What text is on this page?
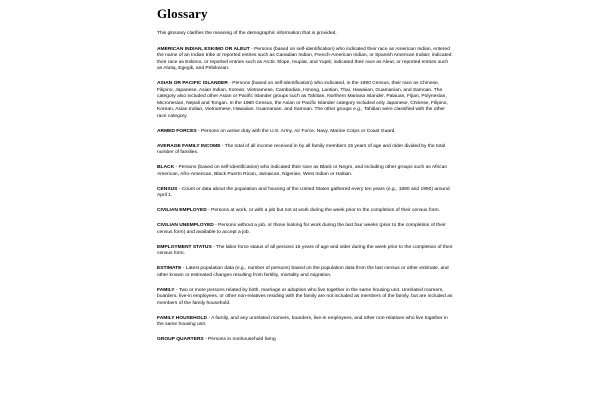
Glossary

This glossary clarifies the meaning of the demographic information that is provided.

AMERICAN INDIAN, ESKIMO OR ALEUT - Persons (based on self-identification) who indicated their race as American Indian, entered the name of an Indian tribe or reported entries such as Canadian Indian, French-American Indian, or Spanish American Indian; indicated their race as Eskimo, or reported entries such as Arctic Slope, Inupiat, and Yupik; indicated their race as Aleut, or reported entries such as Alutiq, Egegik, and Pribilovian.

ASIAN OR PACIFIC ISLANDER - Persons (based on self-identification) who indicated, in the 1990 Census, their race as Chinese, Filipino, Japanese, Asian Indian, Korean, Vietnamese, Cambodian, Hmong, Laotian, Thai, Hawaiian, Guamanian, and Samoan. The category also included other Asian or Pacific Islander groups such as Tahitian, Northern Mariana Islander, Palauan, Fijian, Polynesian, Micronesian, Nepali and Tongan. In the 1980 Census, the Asian or Pacific Islander category included only Japanese, Chinese, Filipino, Korean, Asian Indian, Vietnamese, Hawaiian, Guamanian, and Samoan. The other groups e.g., Tahitian were classified with the other race category.

ARMED FORCES - Persons on active duty with the U.S. Army, Air Force, Navy, Marine Corps or Coast Guard.

AVERAGE FAMILY INCOME - The total of all income received in by all family members 15 years of age and older divided by the total number of families.

BLACK - Persons (based on self-identification) who indicated their race as Black or Negro, and including other groups such as African American, Afro-American, Black Puerto Rican, Jamaican, Nigerian, West Indian or Haitian.

CENSUS - Count or data about the population and housing of the United States gathered every ten years (e.g., 1980 and 1990) around April 1.

CIVILIAN EMPLOYED - Persons at work, or with a job but not at work during the week prior to the completion of their census form.

CIVILIAN UNEMPLOYED - Persons without a job, or those looking for work during the last four weeks (prior to the completion of their census form) and available to accept a job.

EMPLOYMENT STATUS - The labor force status of all persons 16 years of age and older during the week prior to the completion of their census form.

ESTIMATE - Latest population data (e.g., number of persons) based on the population data from the last census or other estimate, and other known or estimated changes resulting from fertility, mortality and migration.

FAMILY - Two or more persons related by birth, marriage or adoption who live together in the same housing unit. Unrelated roomers, boarders, live-in employees, or other non-relatives residing with the family are not included as members of the family, but are included as members of the family household.

FAMILY HOUSEHOLD - A family, and any unrelated roomers, boarders, live-in employees, and other non-relatives who live together in the same housing unit.

GROUP QUARTERS - Persons in nonhousehold living
